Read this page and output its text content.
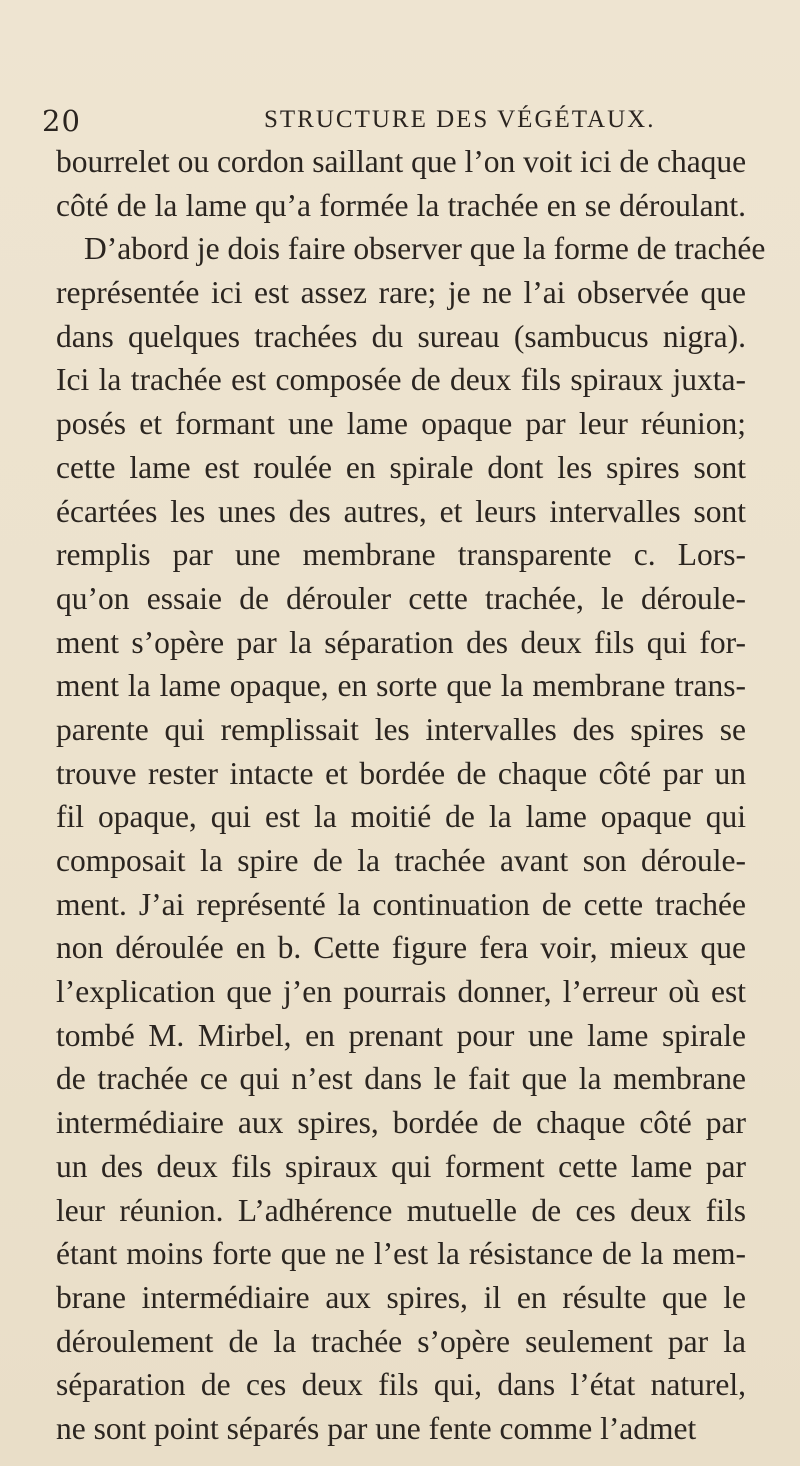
20	STRUCTURE DES VÉGÉTAUX.
bourrelet ou cordon saillant que l’on voit ici de chaque
côté de la lame qu’a formée la trachée en se déroulant.
D’abord je dois faire observer que la forme de trachée
représentée ici est assez rare; je ne l’ai observée que
dans quelques trachées du sureau (sambucus nigra).
Ici la trachée est composée de deux fils spiraux juxta-
posés et formant une lame opaque par leur réunion;
cette lame est roulée en spirale dont les spires sont
écartées les unes des autres, et leurs intervalles sont
remplis par une membrane transparente c. Lors-
qu’on essaie de dérouler cette trachée, le déroule-
ment s’opère par la séparation des deux fils qui for-
ment la lame opaque, en sorte que la membrane trans-
parente qui remplissait les intervalles des spires se
trouve rester intacte et bordée de chaque côté par un
fil opaque, qui est la moitié de la lame opaque qui
composait la spire de la trachée avant son déroule-
ment. J’ai représenté la continuation de cette trachée
non déroulée en b. Cette figure fera voir, mieux que
l’explication que j’en pourrais donner, l’erreur où est
tombé M. Mirbel, en prenant pour une lame spirale
de trachée ce qui n’est dans le fait que la membrane
intermédiaire aux spires, bordée de chaque côté par
un des deux fils spiraux qui forment cette lame par
leur réunion. L’adhérence mutuelle de ces deux fils
étant moins forte que ne l’est la résistance de la mem-
brane intermédiaire aux spires, il en résulte que le
déroulement de la trachée s’opère seulement par la
séparation de ces deux fils qui, dans l’état naturel,
ne sont point séparés par une fente comme l’admet
